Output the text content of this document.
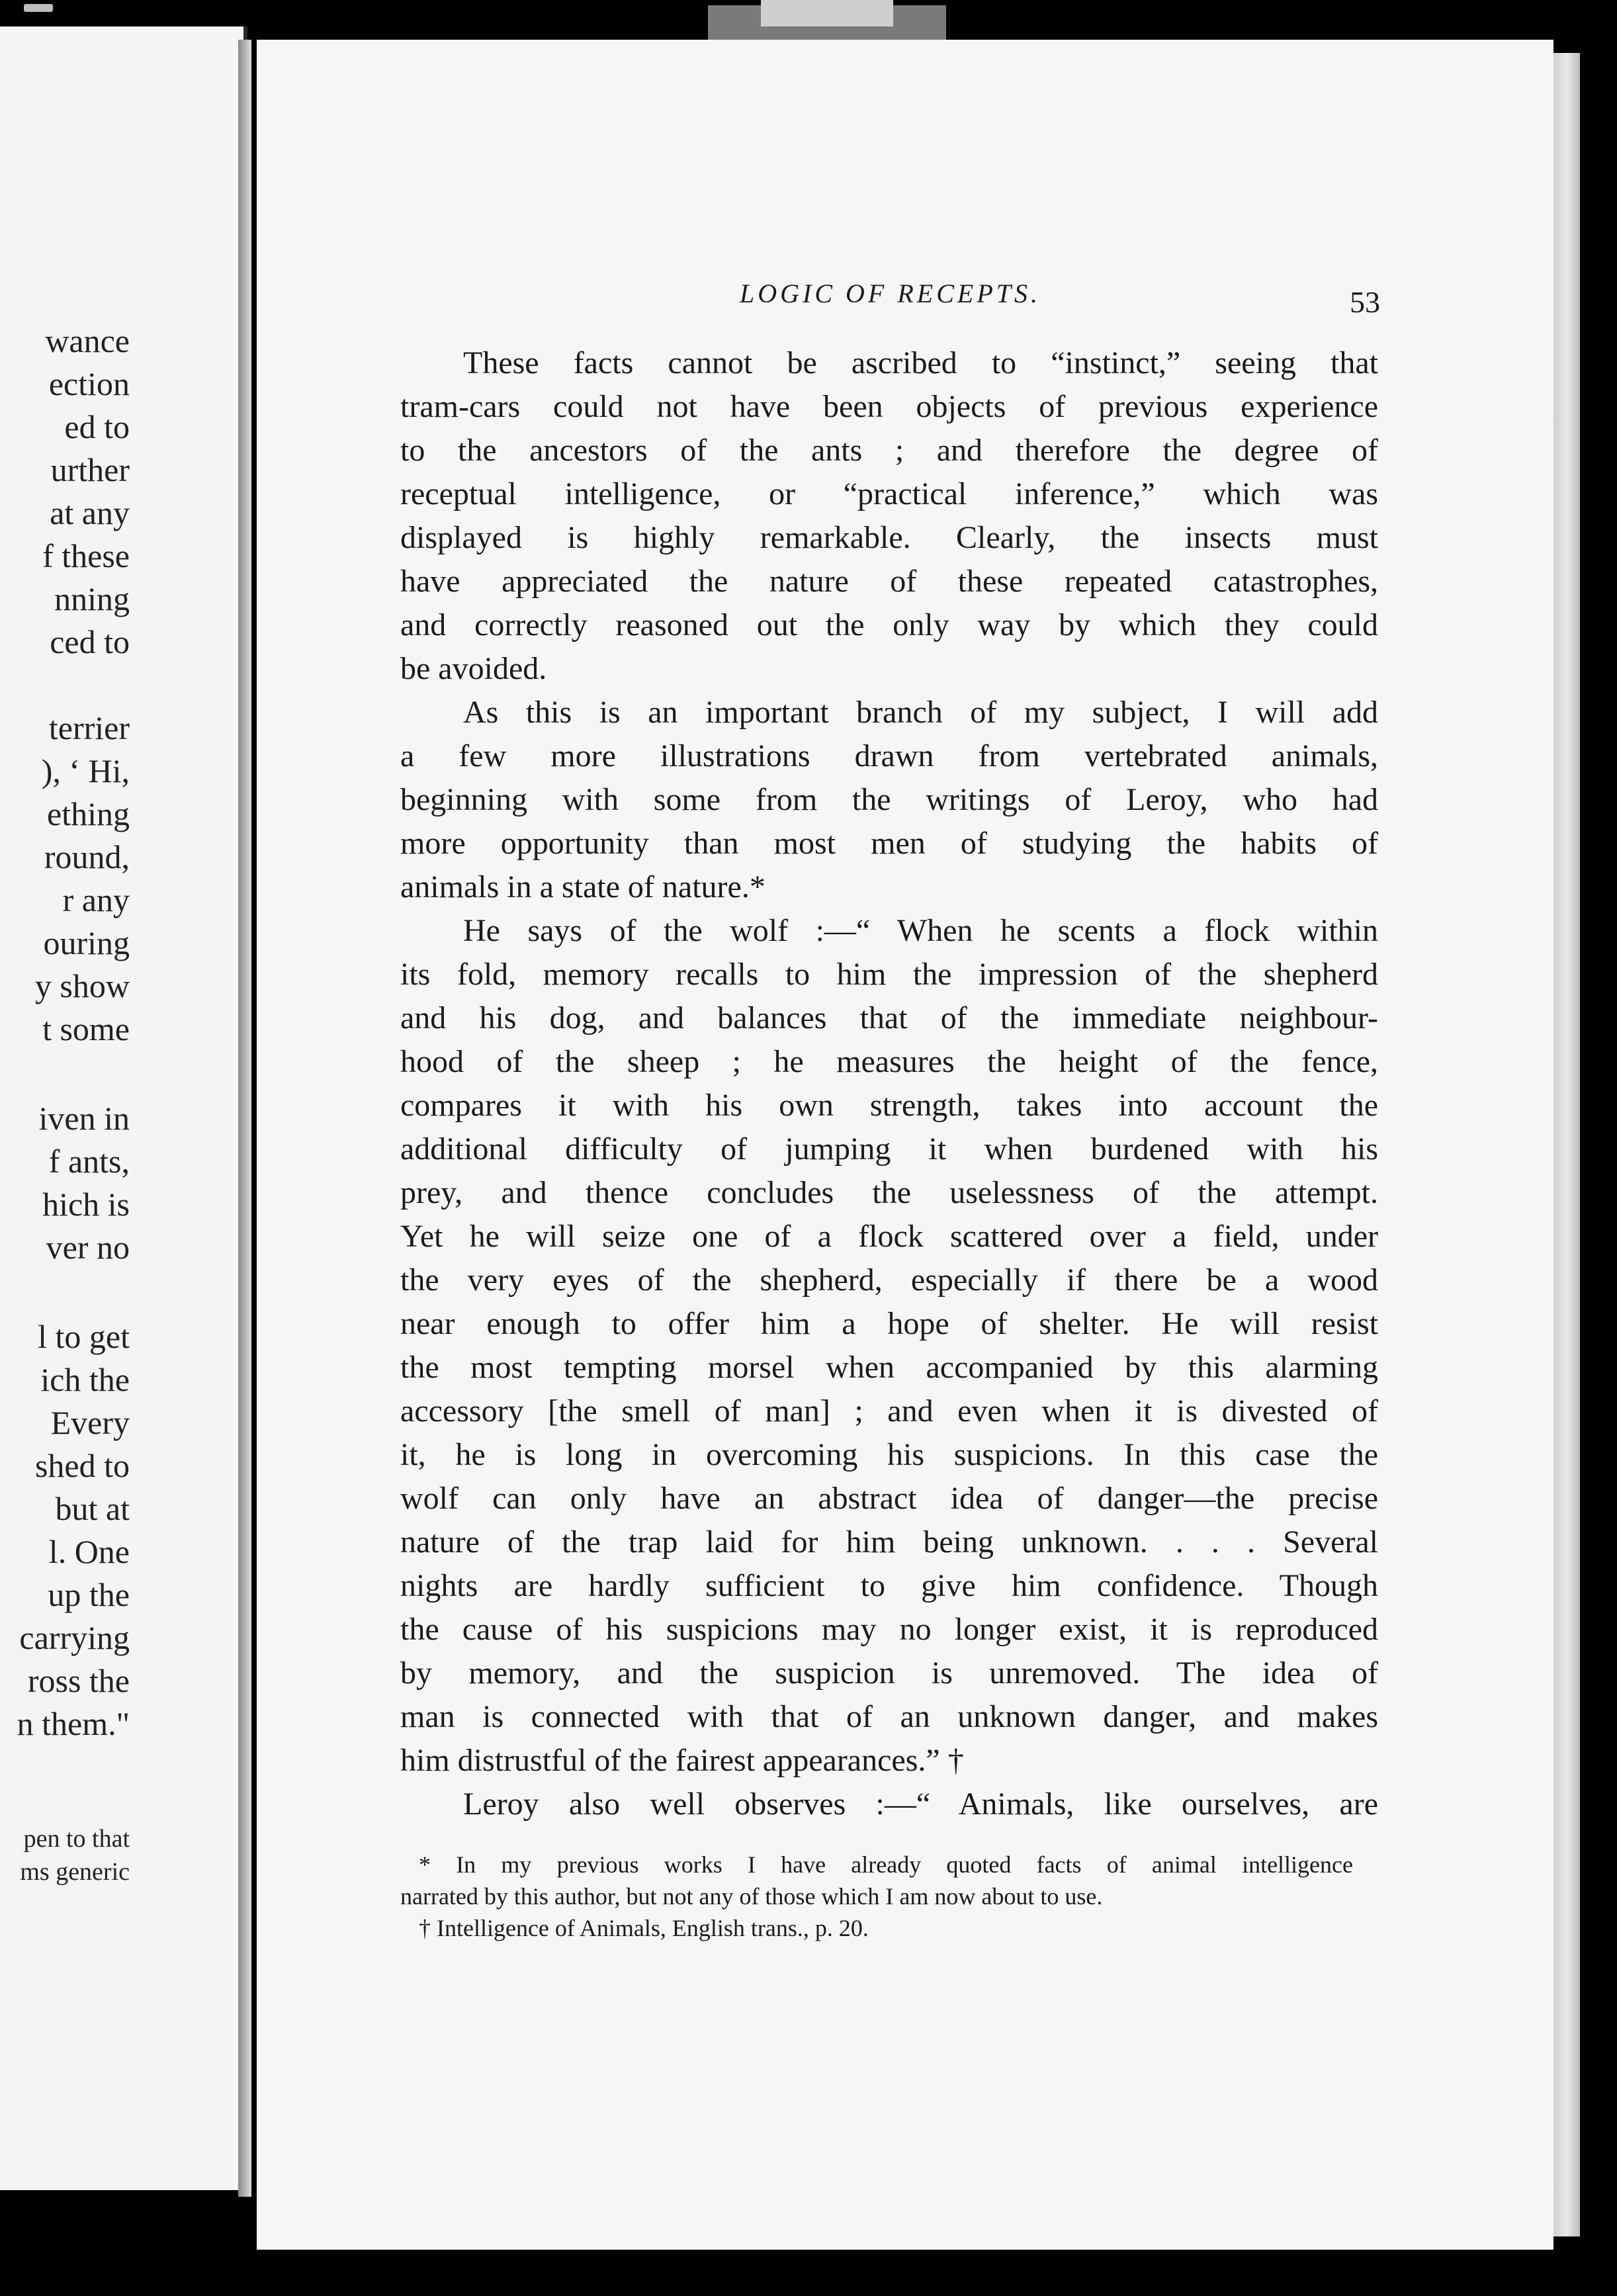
wance
ection
ed to
urther
at any
f these
nning
ced to
terrier
), ‘ Hi,
ething
round,
r any
ouring
y show
t some
iven in
f ants,
hich is
ver no
l to get
ich the
Every
shed to
but at
l. One
up the
carrying
ross the
n them."
pen to that
ms generic
LOGIC OF RECEPTS.	53
These facts cannot be ascribed to “instinct,” seeing that
tram-cars could not have been objects of previous experience
to the ancestors of the ants ; and therefore the degree of
receptual intelligence, or “practical inference,” which was
displayed is highly remarkable. Clearly, the insects must
have appreciated the nature of these repeated catastrophes,
and correctly reasoned out the only way by which they could
be avoided.
As this is an important branch of my subject, I will add
a few more illustrations drawn from vertebrated animals,
beginning with some from the writings of Leroy, who had
more opportunity than most men of studying the habits of
animals in a state of nature.*
He says of the wolf :—“ When he scents a flock within
its fold, memory recalls to him the impression of the shepherd
and his dog, and balances that of the immediate neighbour-
hood of the sheep ; he measures the height of the fence,
compares it with his own strength, takes into account the
additional difficulty of jumping it when burdened with his
prey, and thence concludes the uselessness of the attempt.
Yet he will seize one of a flock scattered over a field, under
the very eyes of the shepherd, especially if there be a wood
near enough to offer him a hope of shelter. He will resist
the most tempting morsel when accompanied by this alarming
accessory [the smell of man] ; and even when it is divested of
it, he is long in overcoming his suspicions. In this case the
wolf can only have an abstract idea of danger—the precise
nature of the trap laid for him being unknown. . . . Several
nights are hardly sufficient to give him confidence. Though
the cause of his suspicions may no longer exist, it is reproduced
by memory, and the suspicion is unremoved. The idea of
man is connected with that of an unknown danger, and makes
him distrustful of the fairest appearances.” †
Leroy also well observes :—“ Animals, like ourselves, are
* In my previous works I have already quoted facts of animal intelligence
narrated by this author, but not any of those which I am now about to use.
† Intelligence of Animals, English trans., p. 20.
